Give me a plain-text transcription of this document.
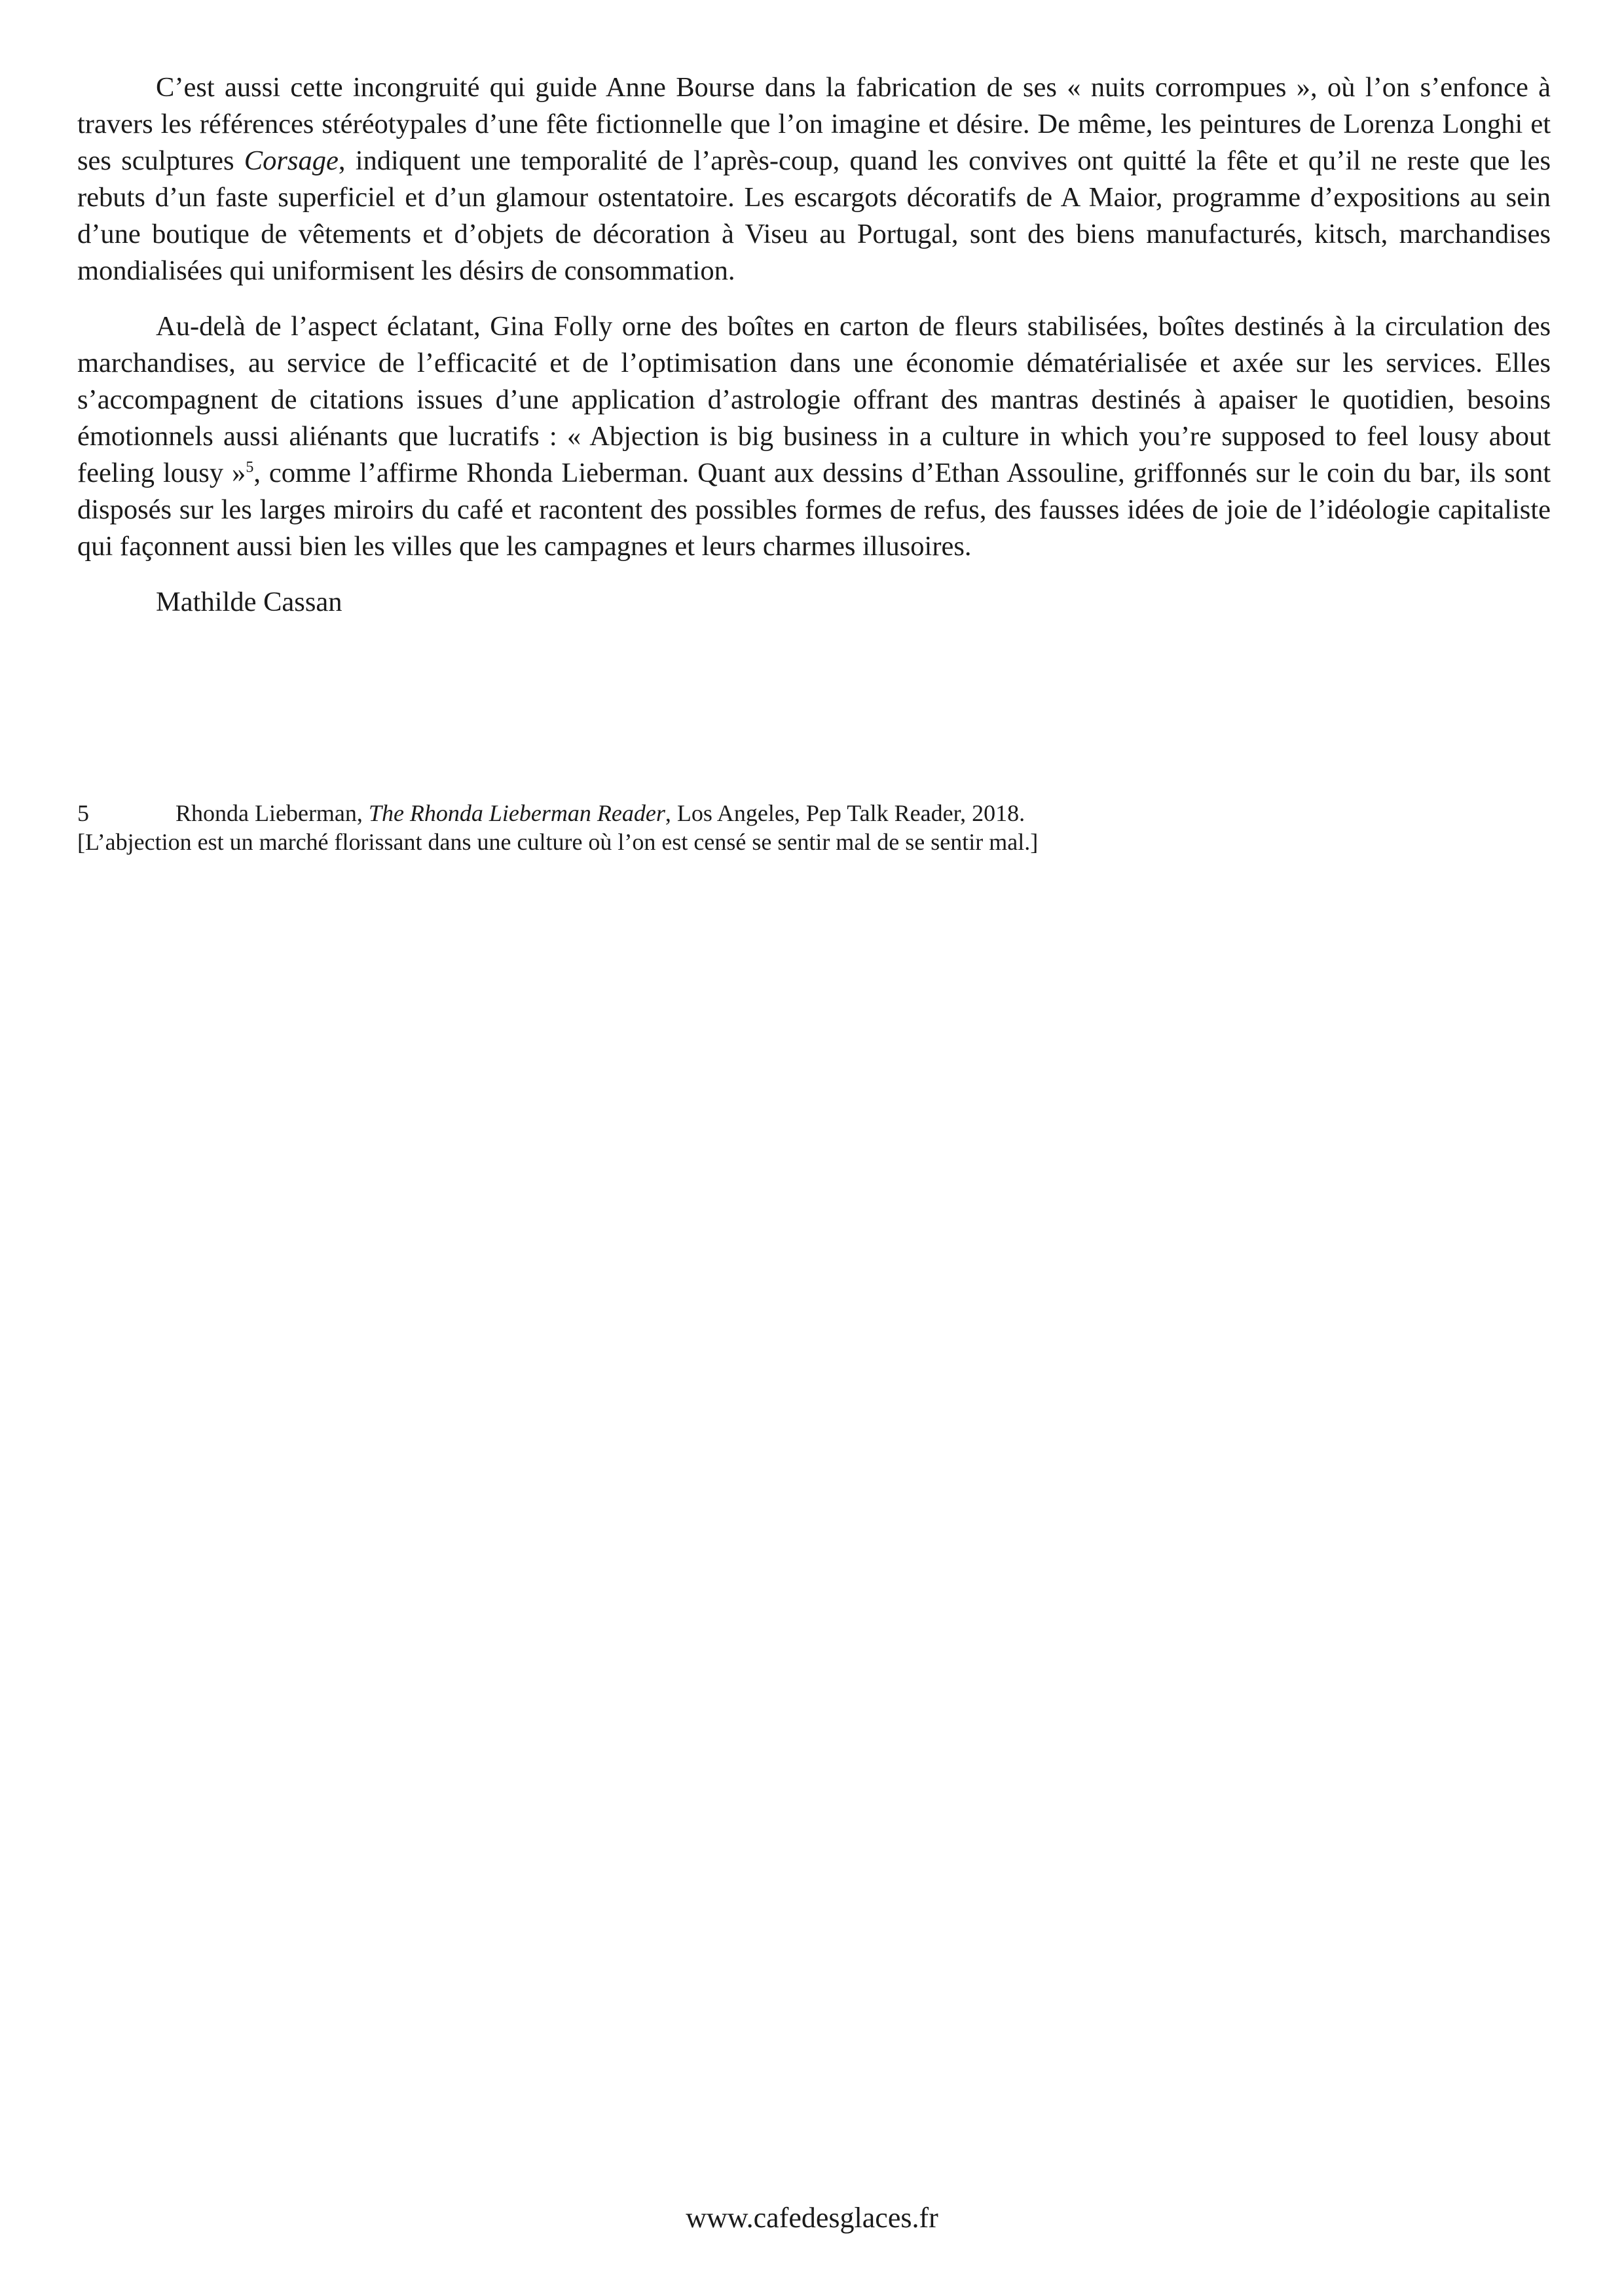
C’est aussi cette incongruité qui guide Anne Bourse dans la fabrication de ses « nuits corrompues », où l’on s’enfonce à travers les références stéréotypales d’une fête fictionnelle que l’on imagine et désire. De même, les peintures de Lorenza Longhi et ses sculptures Corsage, indiquent une temporalité de l’après-coup, quand les convives ont quitté la fête et qu’il ne reste que les rebuts d’un faste superficiel et d’un glamour ostentatoire. Les escargots décoratifs de A Maior, programme d’expositions au sein d’une boutique de vêtements et d’objets de décoration à Viseu au Portugal, sont des biens manufacturés, kitsch, marchandises mondialisées qui uniformisent les désirs de consommation.

Au-delà de l’aspect éclatant, Gina Folly orne des boîtes en carton de fleurs stabilisées, boîtes destinés à la circulation des marchandises, au service de l’efficacité et de l’optimisation dans une économie dématérialisée et axée sur les services. Elles s’accompagnent de citations issues d’une application d’astrologie offrant des mantras destinés à apaiser le quotidien, besoins émotionnels aussi aliénants que lucratifs : « Abjection is big business in a culture in which you’re supposed to feel lousy about feeling lousy »$^5$, comme l’affirme Rhonda Lieberman. Quant aux dessins d’Ethan Assouline, griffonnés sur le coin du bar, ils sont disposés sur les larges miroirs du café et racontent des possibles formes de refus, des fausses idées de joie de l’idéologie capitaliste qui façonnent aussi bien les villes que les campagnes et leurs charmes illusoires.

Mathilde Cassan

5	Rhonda Lieberman, The Rhonda Lieberman Reader, Los Angeles, Pep Talk Reader, 2018.
[L’abjection est un marché florissant dans une culture où l’on est censé se sentir mal de se sentir mal.]
www.cafedesglaces.fr
